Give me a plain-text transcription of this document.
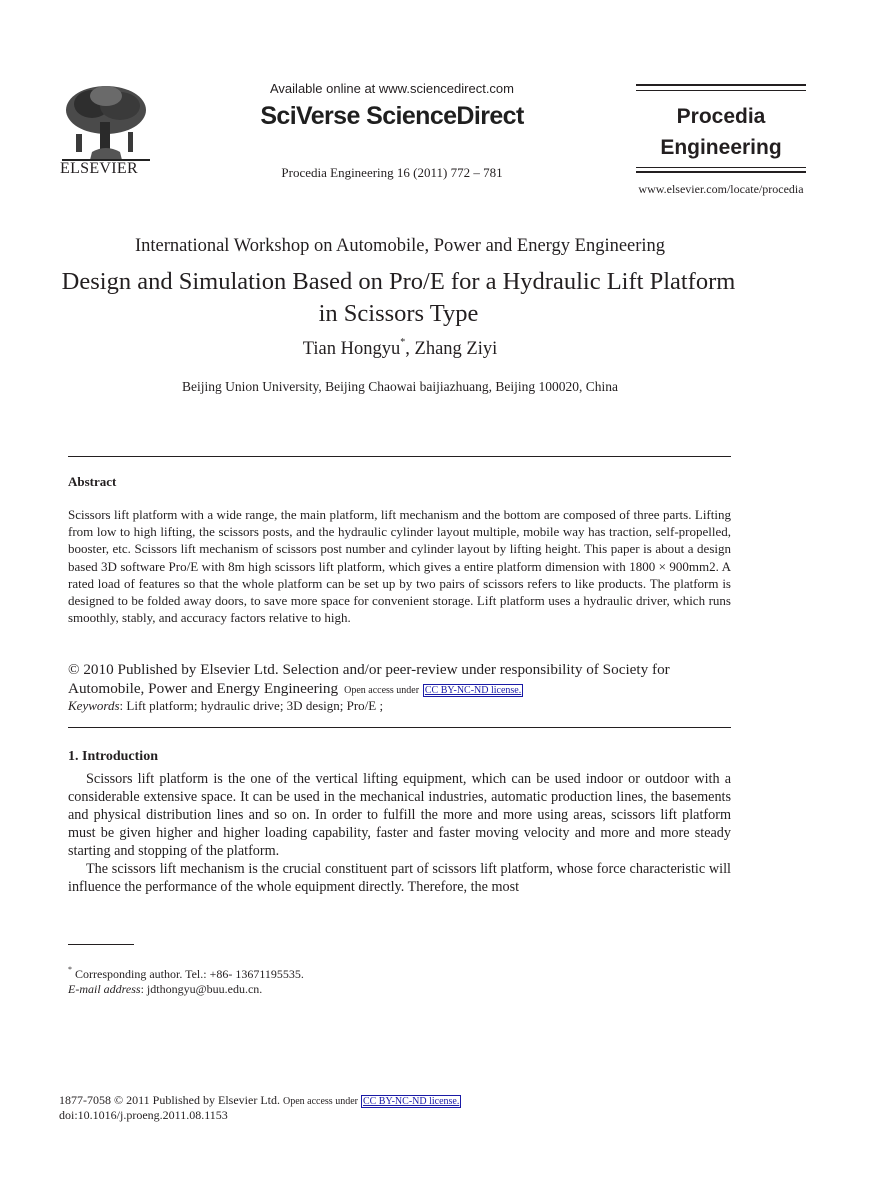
ELSEVIER
Available online at www.sciencedirect.com
SciVerse ScienceDirect
Procedia Engineering 16 (2011) 772 – 781
Procedia
Engineering
www.elsevier.com/locate/procedia
International Workshop on Automobile, Power and Energy Engineering
Design and Simulation Based on Pro/E for a Hydraulic Lift Platform in Scissors Type
Tian Hongyu*, Zhang Ziyi
Beijing Union University, Beijing Chaowai baijiazhuang, Beijing 100020, China
Abstract
Scissors lift platform with a wide range, the main platform, lift mechanism and the bottom are composed of three parts. Lifting from low to high lifting, the scissors posts, and the hydraulic cylinder layout multiple, mobile way has traction, self-propelled, booster, etc. Scissors lift mechanism of scissors post number and cylinder layout by lifting height. This paper is about a design based 3D software Pro/E with 8m high scissors lift platform, which gives a entire platform dimension with 1800 × 900mm2. A rated load of features so that the whole platform can be set up by two pairs of scissors refers to like products. The platform is designed to be folded away doors, to save more space for convenient storage. Lift platform uses a hydraulic driver, which runs smoothly, stably, and accuracy factors relative to high.
© 2010 Published by Elsevier Ltd. Selection and/or peer-review under responsibility of Society for Automobile, Power and Energy Engineering Open access under CC BY-NC-ND license.
Keywords: Lift platform; hydraulic drive; 3D design; Pro/E ;
1. Introduction

Scissors lift platform is the one of the vertical lifting equipment, which can be used indoor or outdoor with a considerable extensive space. It can be used in the mechanical industries, automatic production lines, the basements and physical distribution lines and so on. In order to fulfill the more and more using areas, scissors lift platform must be given higher and higher loading capability, faster and faster moving velocity and more and more steady starting and stopping of the platform.

The scissors lift mechanism is the crucial constituent part of scissors lift platform, whose force characteristic will influence the performance of the whole equipment directly. Therefore, the most

* Corresponding author. Tel.: +86- 13671195535.
E-mail address: jdthongyu@buu.edu.cn.
1877-7058 © 2011 Published by Elsevier Ltd. Open access under CC BY-NC-ND license.
doi:10.1016/j.proeng.2011.08.1153
